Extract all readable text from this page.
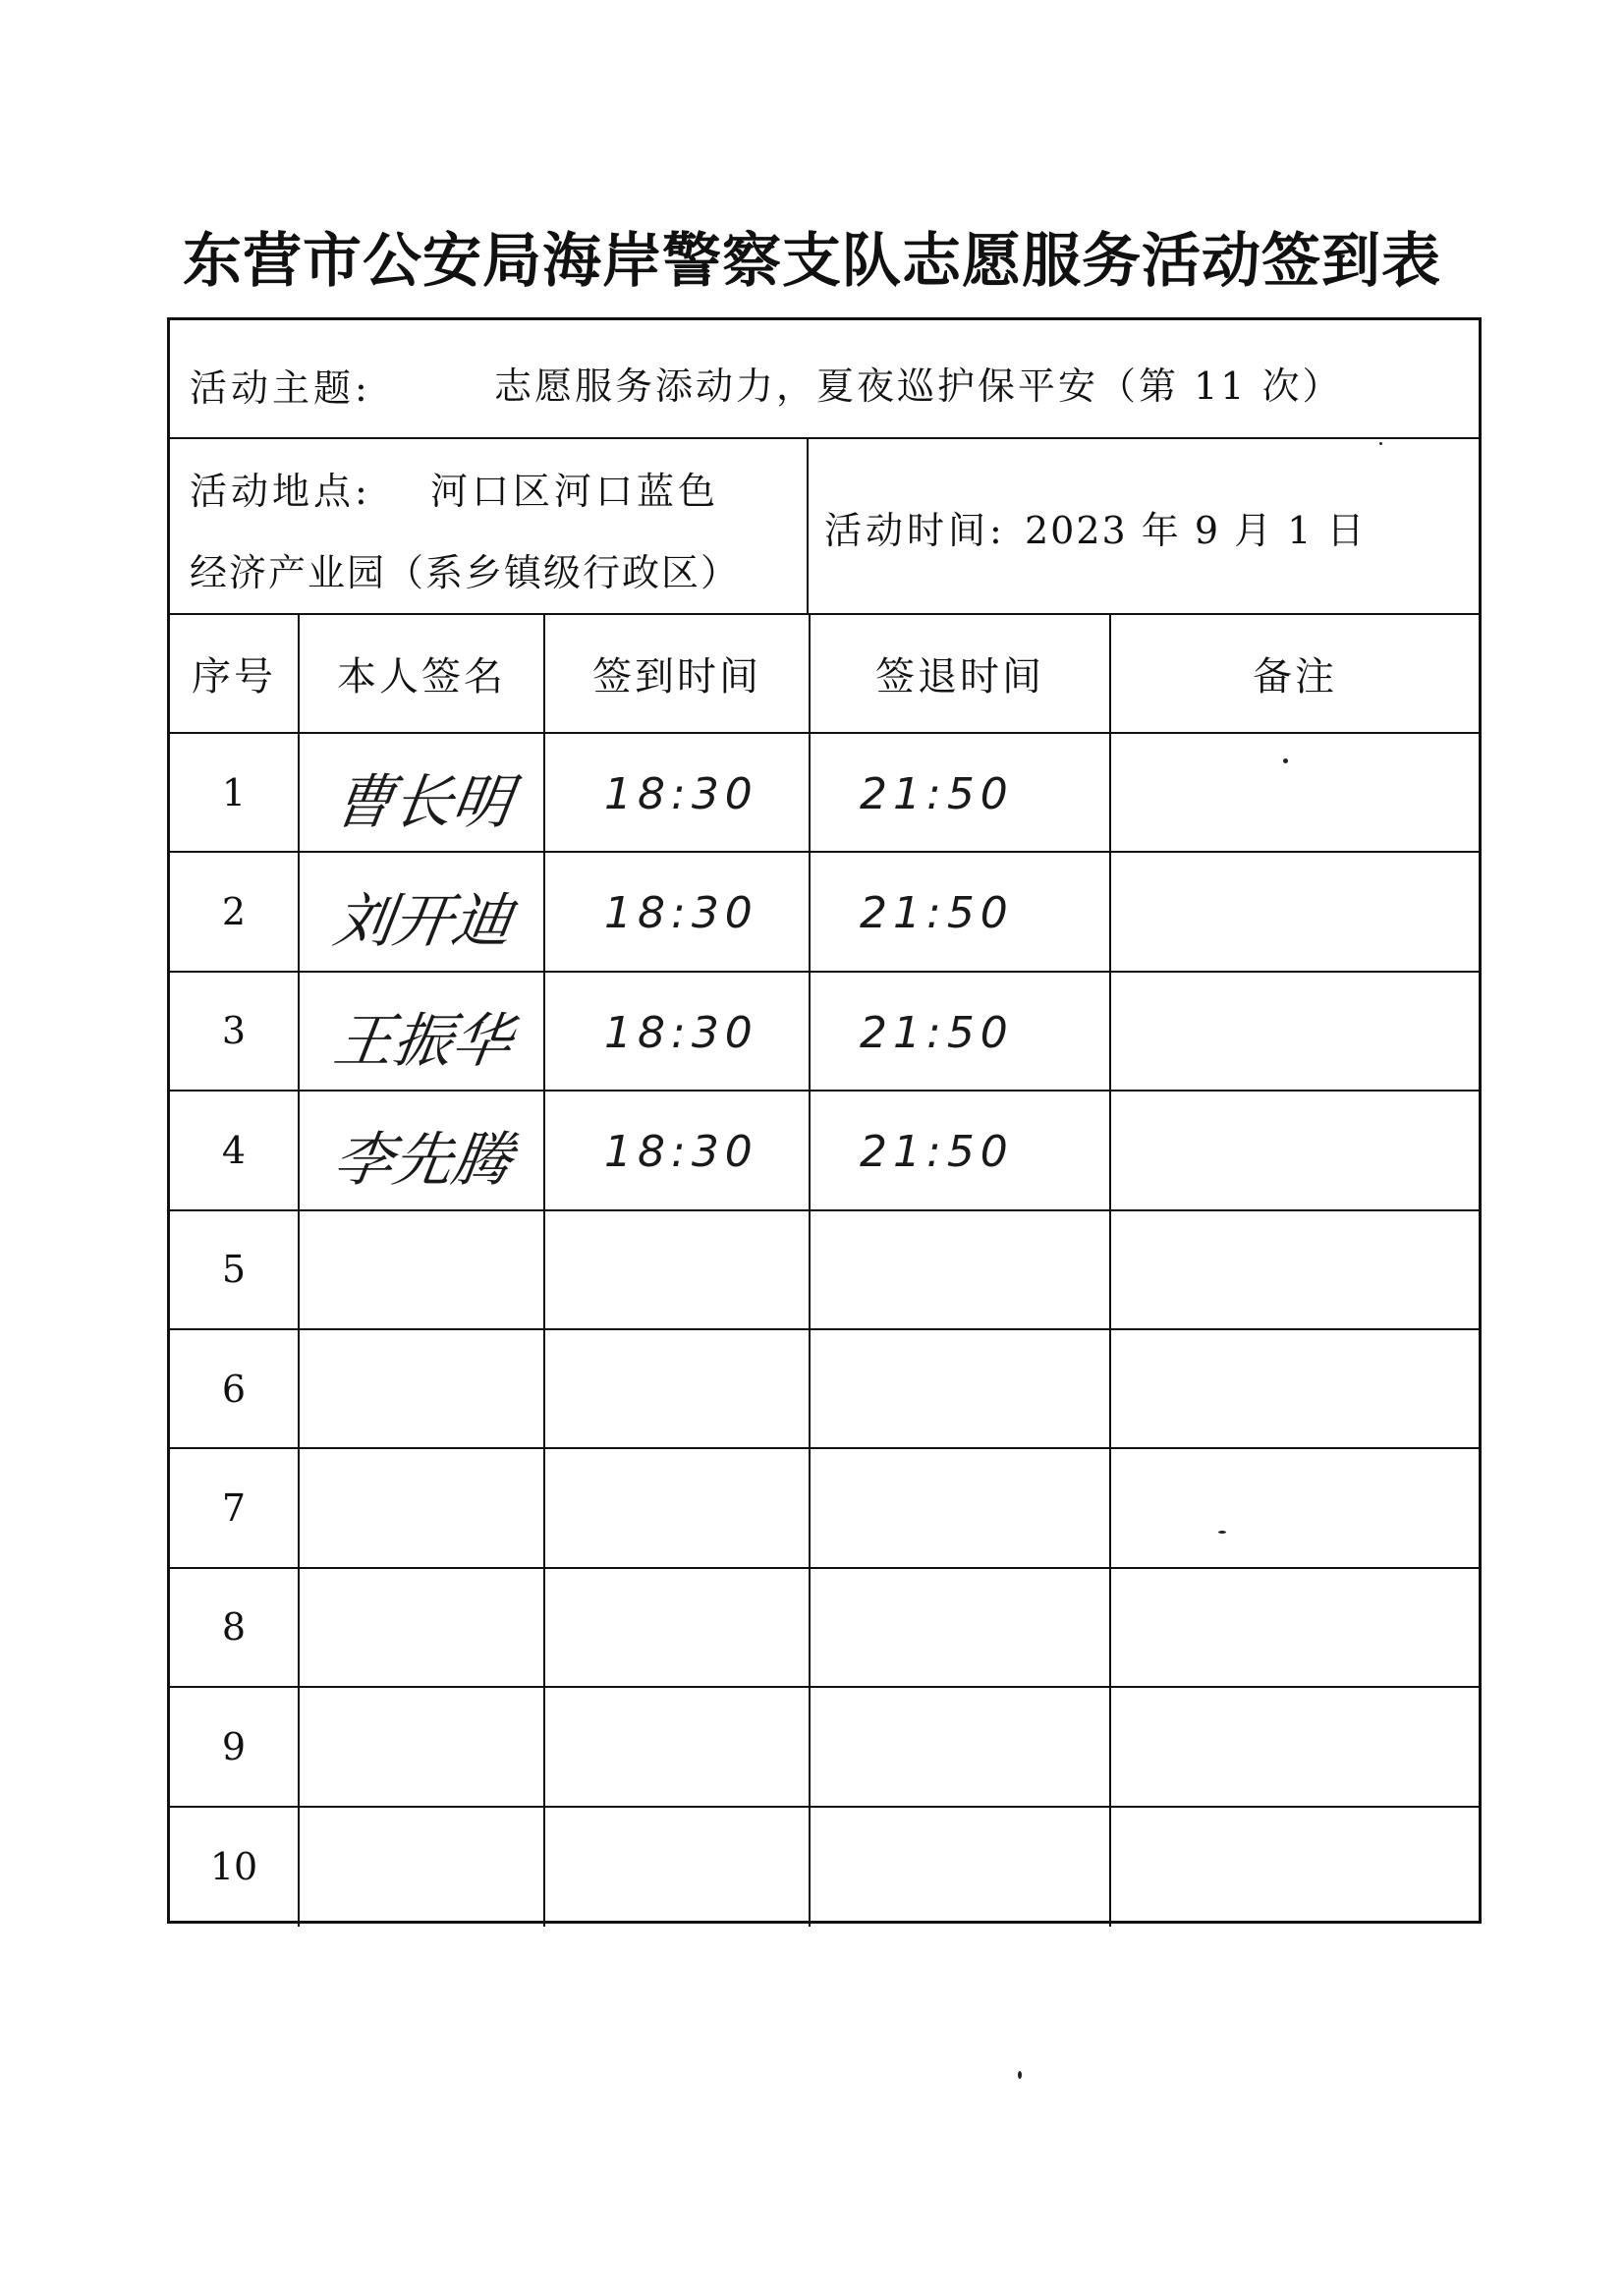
东营市公安局海岸警察支队志愿服务活动签到表
活动主题:	志愿服务添动力，夏夜巡护保平安（第 11 次）
活动地点: 河口区河口蓝色
经济产业园（系乡镇级行政区）
活动时间: 2023 年 9 月 1 日
序号	本人签名	签到时间	签退时间	备注
1	曹长明 18:30 21:50
2	刘开迪 18:30 21:50
3	王振华 18:30 21:50
4	李先腾 18:30 21:50
5
6
7
8
9
10
